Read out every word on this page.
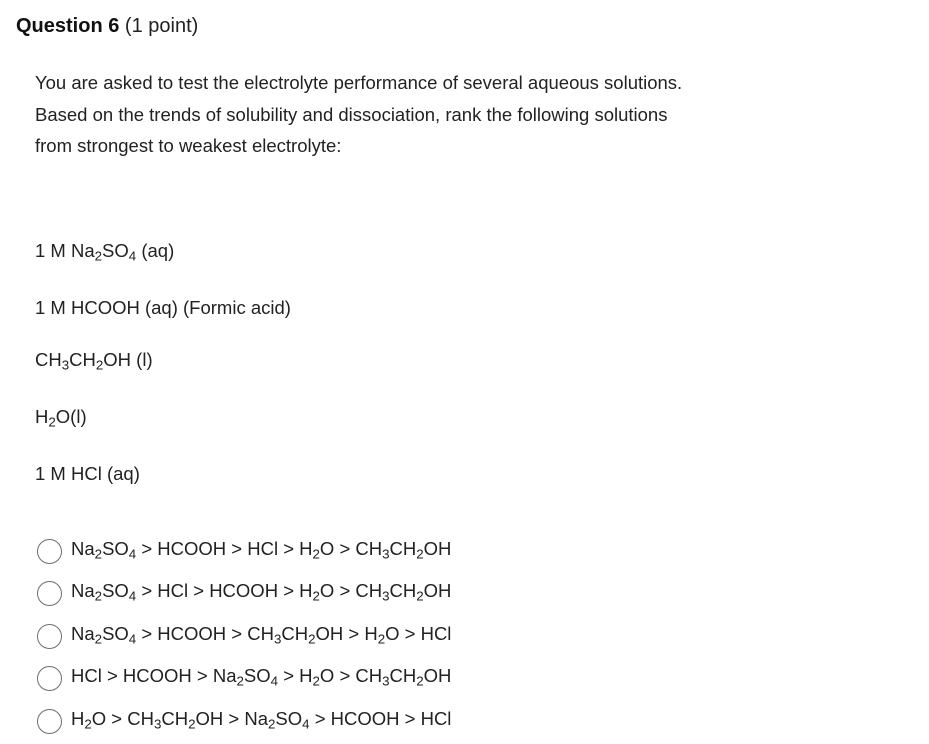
Question 6 (1 point)

You are asked to test the electrolyte performance of several aqueous solutions.

Based on the trends of solubility and dissociation, rank the following solutions

from strongest to weakest electrolyte:

1 M $Na_2SO_4$ (aq)
1 M HCOOH (aq) (Formic acid)
$CH_3CH_2OH$ (l)
$H_2O(l)$
1 M HCl (aq)
$Na_2SO_4$ > HCOOH > HCl > $H_2O > CH_3CH_2OH$
$Na_2SO_4$ > HCl > HCOOH > $H_2O > CH_3CH_2OH$
$Na_2SO_4$ > HCOOH > $CH_3CH_2OH > H_2O$ > HCl
HCl > HCOOH > $Na_2SO_4 > H_2O > CH_3CH_2OH$
$H_2O > CH_3CH_2OH > Na_2SO_4$ > HCOOH > HCl
